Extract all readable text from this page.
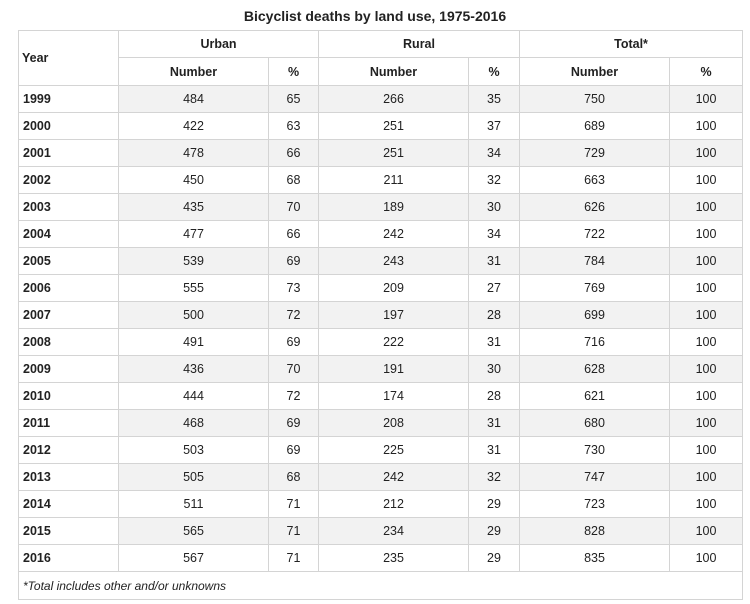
Bicyclist deaths by land use, 1975-2016
Year	Urban		Rural		Total*	
	Number	%	Number	%	Number	%
1999	484	65	266	35	750	100
2000	422	63	251	37	689	100
2001	478	66	251	34	729	100
2002	450	68	211	32	663	100
2003	435	70	189	30	626	100
2004	477	66	242	34	722	100
2005	539	69	243	31	784	100
2006	555	73	209	27	769	100
2007	500	72	197	28	699	100
2008	491	69	222	31	716	100
2009	436	70	191	30	628	100
2010	444	72	174	28	621	100
2011	468	69	208	31	680	100
2012	503	69	225	31	730	100
2013	505	68	242	32	747	100
2014	511	71	212	29	723	100
2015	565	71	234	29	828	100
2016	567	71	235	29	835	100
*Total includes other and/or unknowns						
